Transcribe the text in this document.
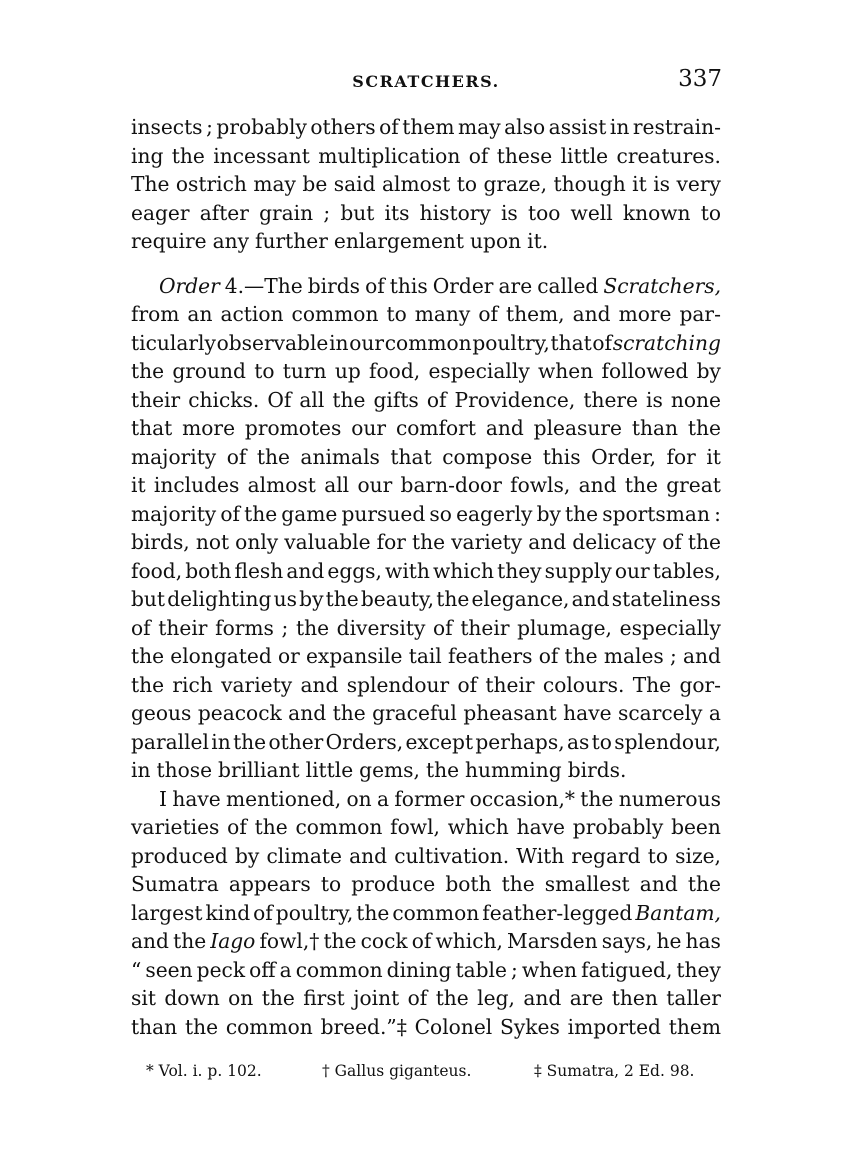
SCRATCHERS.	337
insects ; probably others of them may also assist in restrain-
ing the incessant multiplication of these little creatures.
The ostrich may be said almost to graze, though it is very
eager after grain ; but its history is too well known to
require any further enlargement upon it.
Order 4.—The birds of this Order are called Scratchers,
from an action common to many of them, and more par-
ticularly observable in our common poultry, that of scratching
the ground to turn up food, especially when followed by
their chicks. Of all the gifts of Providence, there is none
that more promotes our comfort and pleasure than the
majority of the animals that compose this Order, for it
it includes almost all our barn-door fowls, and the great
majority of the game pursued so eagerly by the sportsman :
birds, not only valuable for the variety and delicacy of the
food, both flesh and eggs, with which they supply our tables,
but delighting us by the beauty, the elegance, and stateliness
of their forms ; the diversity of their plumage, especially
the elongated or expansile tail feathers of the males ; and
the rich variety and splendour of their colours. The gor-
geous peacock and the graceful pheasant have scarcely a
parallel in the other Orders, except perhaps, as to splendour,
in those brilliant little gems, the humming birds.
I have mentioned, on a former occasion,* the numerous
varieties of the common fowl, which have probably been
produced by climate and cultivation. With regard to size,
Sumatra appears to produce both the smallest and the
largest kind of poultry, the common feather-legged Bantam,
and the Iago fowl,† the cock of which, Marsden says, he has
“ seen peck off a common dining table ; when fatigued, they
sit down on the first joint of the leg, and are then taller
than the common breed.”‡ Colonel Sykes imported them
* Vol. i. p. 102.	† Gallus giganteus.	‡ Sumatra, 2 Ed. 98.
